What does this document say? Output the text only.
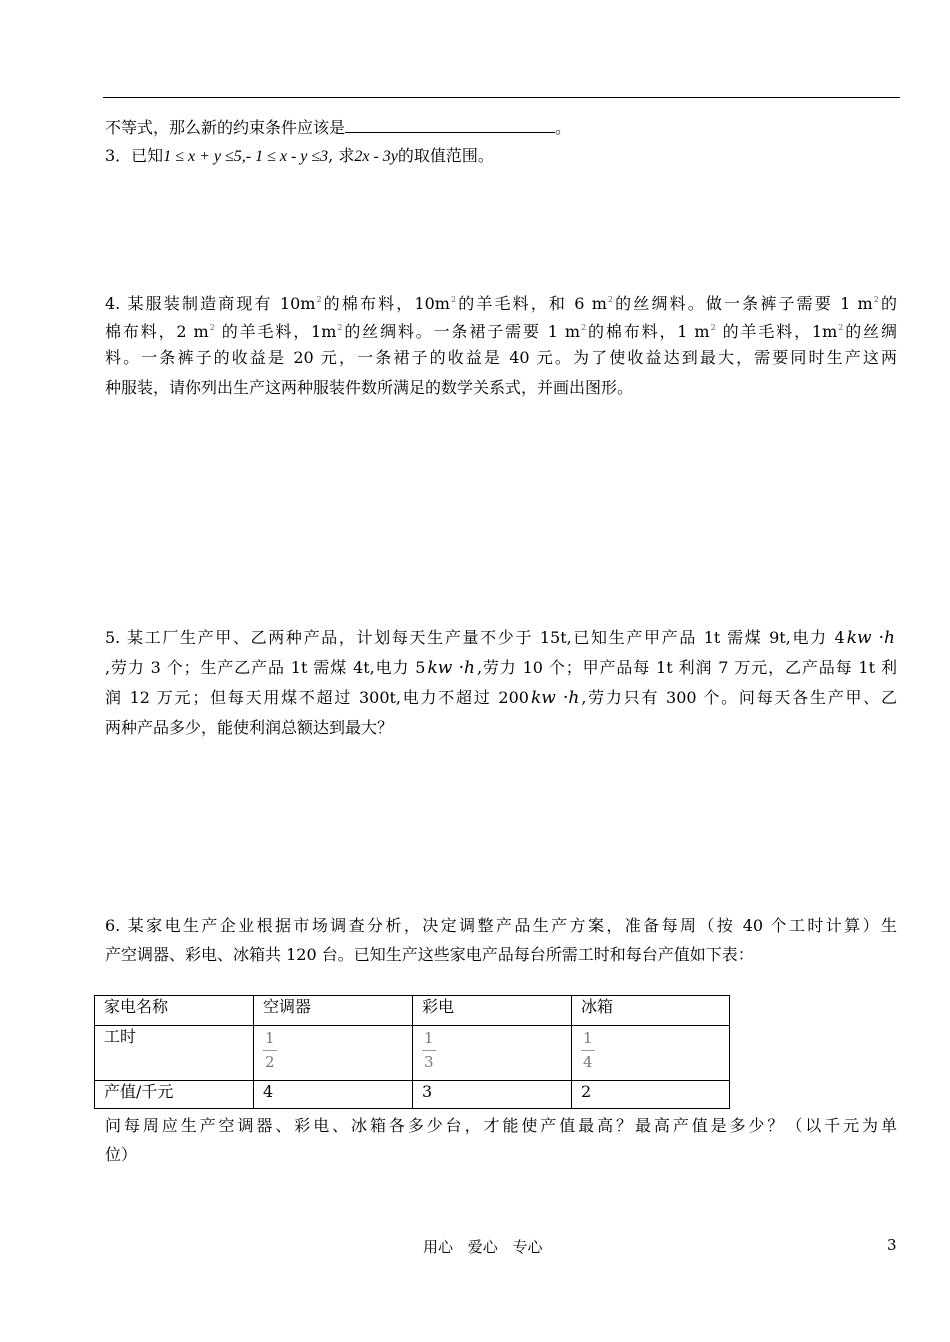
不等式，那么新的约束条件应该是	。
3．已知1 ≤ x + y ≤5,- 1 ≤ x - y ≤3, 求2x - 3y的取值范围。
4. 某服装制造商现有 $10m^2$的棉布料，$10m^2$的羊毛料，和 6 $m^2$的丝绸料。做一条裤子需要 1 $m^2$的
棉布料，2 $m^2$ 的羊毛料，$1m^2$的丝绸料。一条裙子需要 1 $m^2$的棉布料，1 $m^2$ 的羊毛料，$1m^2$的丝绸
料。一条裤子的收益是 20 元，一条裙子的收益是 40 元。为了使收益达到最大，需要同时生产这两
种服装，请你列出生产这两种服装件数所满足的数学关系式，并画出图形。
5. 某工厂生产甲、乙两种产品，计划每天生产量不少于 15t,已知生产甲产品 1t 需煤 9t,电力 4 kw ·h
,劳力 3 个；生产乙产品 1t 需煤 4t,电力 5 kw ·h ,劳力 10 个；甲产品每 1t 利润 7 万元，乙产品每 1t 利
润 12 万元；但每天用煤不超过 300t,电力不超过 200 kw ·h ,劳力只有 300 个。问每天各生产甲、乙
两种产品多少，能使利润总额达到最大？
6. 某家电生产企业根据市场调查分析，决定调整产品生产方案，准备每周（按 40 个工时计算）生
产空调器、彩电、冰箱共 120 台。已知生产这些家电产品每台所需工时和每台产值如下表：
家电名称	空调器	彩电	冰箱
工时	$\frac{1}{2}$	$\frac{1}{3}$	$\frac{1}{4}$

产值/千元	4	3	2
问每周应生产空调器、彩电、冰箱各多少台，才能使产值最高？最高产值是多少？（以千元为单
位）
用心 爱心 专心	3
